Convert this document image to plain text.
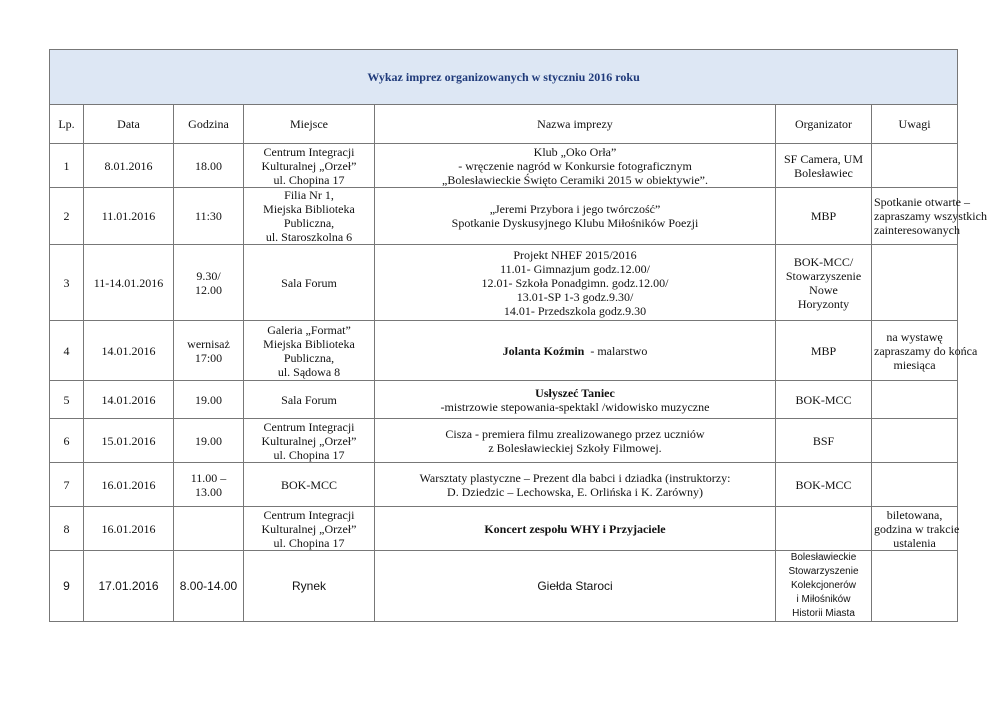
Wykaz imprez organizowanych w styczniu 2016 roku						
Lp.	Data	Godzina	Miejsce	Nazwa imprezy	Organizator	Uwagi
1	8.01.2016	18.00	Centrum Integracji
Kulturalnej „Orzeł”
ul. Chopina 17	Klub „Oko Orła”
- wręczenie nagród w Konkursie fotograficznym
„Bolesławieckie Święto Ceramiki 2015 w obiektywie”.	SF Camera, UM
Bolesławiec	

2	11.01.2016	11:30	Filia Nr 1,
Miejska Biblioteka
Publiczna,
ul. Staroszkolna 6	„Jeremi Przybora i jego twórczość”
Spotkanie Dyskusyjnego Klubu Miłośników Poezji	MBP	Spotkanie otwarte –
zapraszamy wszystkich
zainteresowanych

3	11-14.01.2016	9.30/
12.00	Sala Forum	Projekt NHEF 2015/2016
11.01- Gimnazjum godz.12.00/
12.01- Szkoła Ponadgimn. godz.12.00/
13.01-SP 1-3 godz.9.30/
14.01- Przedszkola godz.9.30	BOK-MCC/
Stowarzyszenie
Nowe
Horyzonty	

4	14.01.2016	wernisaż
17:00	Galeria „Format”
Miejska Biblioteka
Publiczna,
ul. Sądowa 8	Jolanta Koźmin  - malarstwo	MBP	na wystawę
zapraszamy do końca
miesiąca

5	14.01.2016	19.00	Sala Forum	Usłyszeć Taniec
-mistrzowie stepowania-spektakl /widowisko muzyczne	BOK-MCC	

6	15.01.2016	19.00	Centrum Integracji
Kulturalnej „Orzeł”
ul. Chopina 17	Cisza - premiera filmu zrealizowanego przez uczniów
z Bolesławieckiej Szkoły Filmowej.	BSF	

7	16.01.2016	11.00 –
13.00	BOK-MCC	Warsztaty plastyczne – Prezent dla babci i dziadka (instruktorzy:
D. Dziedzic – Lechowska, E. Orlińska i K. Zarówny)	BOK-MCC	

8	16.01.2016		Centrum Integracji
Kulturalnej „Orzeł”
ul. Chopina 17	Koncert zespołu WHY i Przyjaciele		biletowana,
godzina w trakcie
ustalenia

9	17.01.2016	8.00-14.00	Rynek	Giełda Staroci	Bolesławieckie
Stowarzyszenie
Kolekcjonerów
i Miłośników
Historii Miasta	
